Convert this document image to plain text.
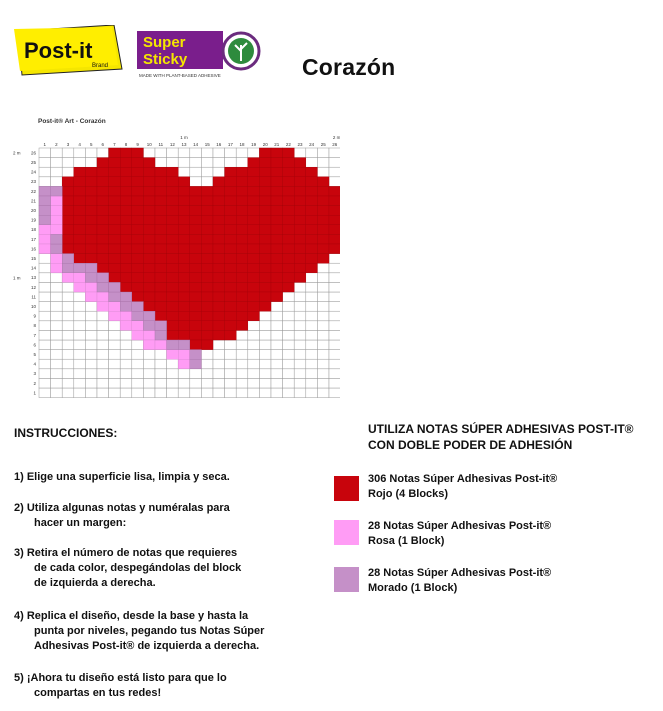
Post-it
Brand
Super
Sticky
MADE WITH PLANT-BASED ADHESIVE	Corazón
Post-it® Art - Corazón
1 2 3 4 5 6 7 8 9 10 11 12 13 14 15 16 17 18 19 20 21 22 23 24 25 26
1
2
3
4
5
6
7
8
9
10
11
12
13
14
15
16
17
18
19
20
21
22
23
24
25
26
1 m	2 m
2 m
1 m
INSTRUCCIONES:
1) Elige una superficie lisa, limpia y seca.
2) Utiliza algunas notas y numéralas para
hacer un margen:
3) Retira el número de notas que requieres
de cada color, despegándolas del block
de izquierda a derecha.
4) Replica el diseño, desde la base y hasta la
punta por niveles, pegando tus Notas Súper
Adhesivas Post-it® de izquierda a derecha.
5) ¡Ahora tu diseño está listo para que lo
compartas en tus redes!
UTILIZA NOTAS SÚPER ADHESIVAS POST-IT®
CON DOBLE PODER DE ADHESIÓN
306 Notas Súper Adhesivas Post-it®
Rojo (4 Blocks)
28 Notas Súper Adhesivas Post-it®
Rosa (1 Block)
28 Notas Súper Adhesivas Post-it®
Morado (1 Block)
